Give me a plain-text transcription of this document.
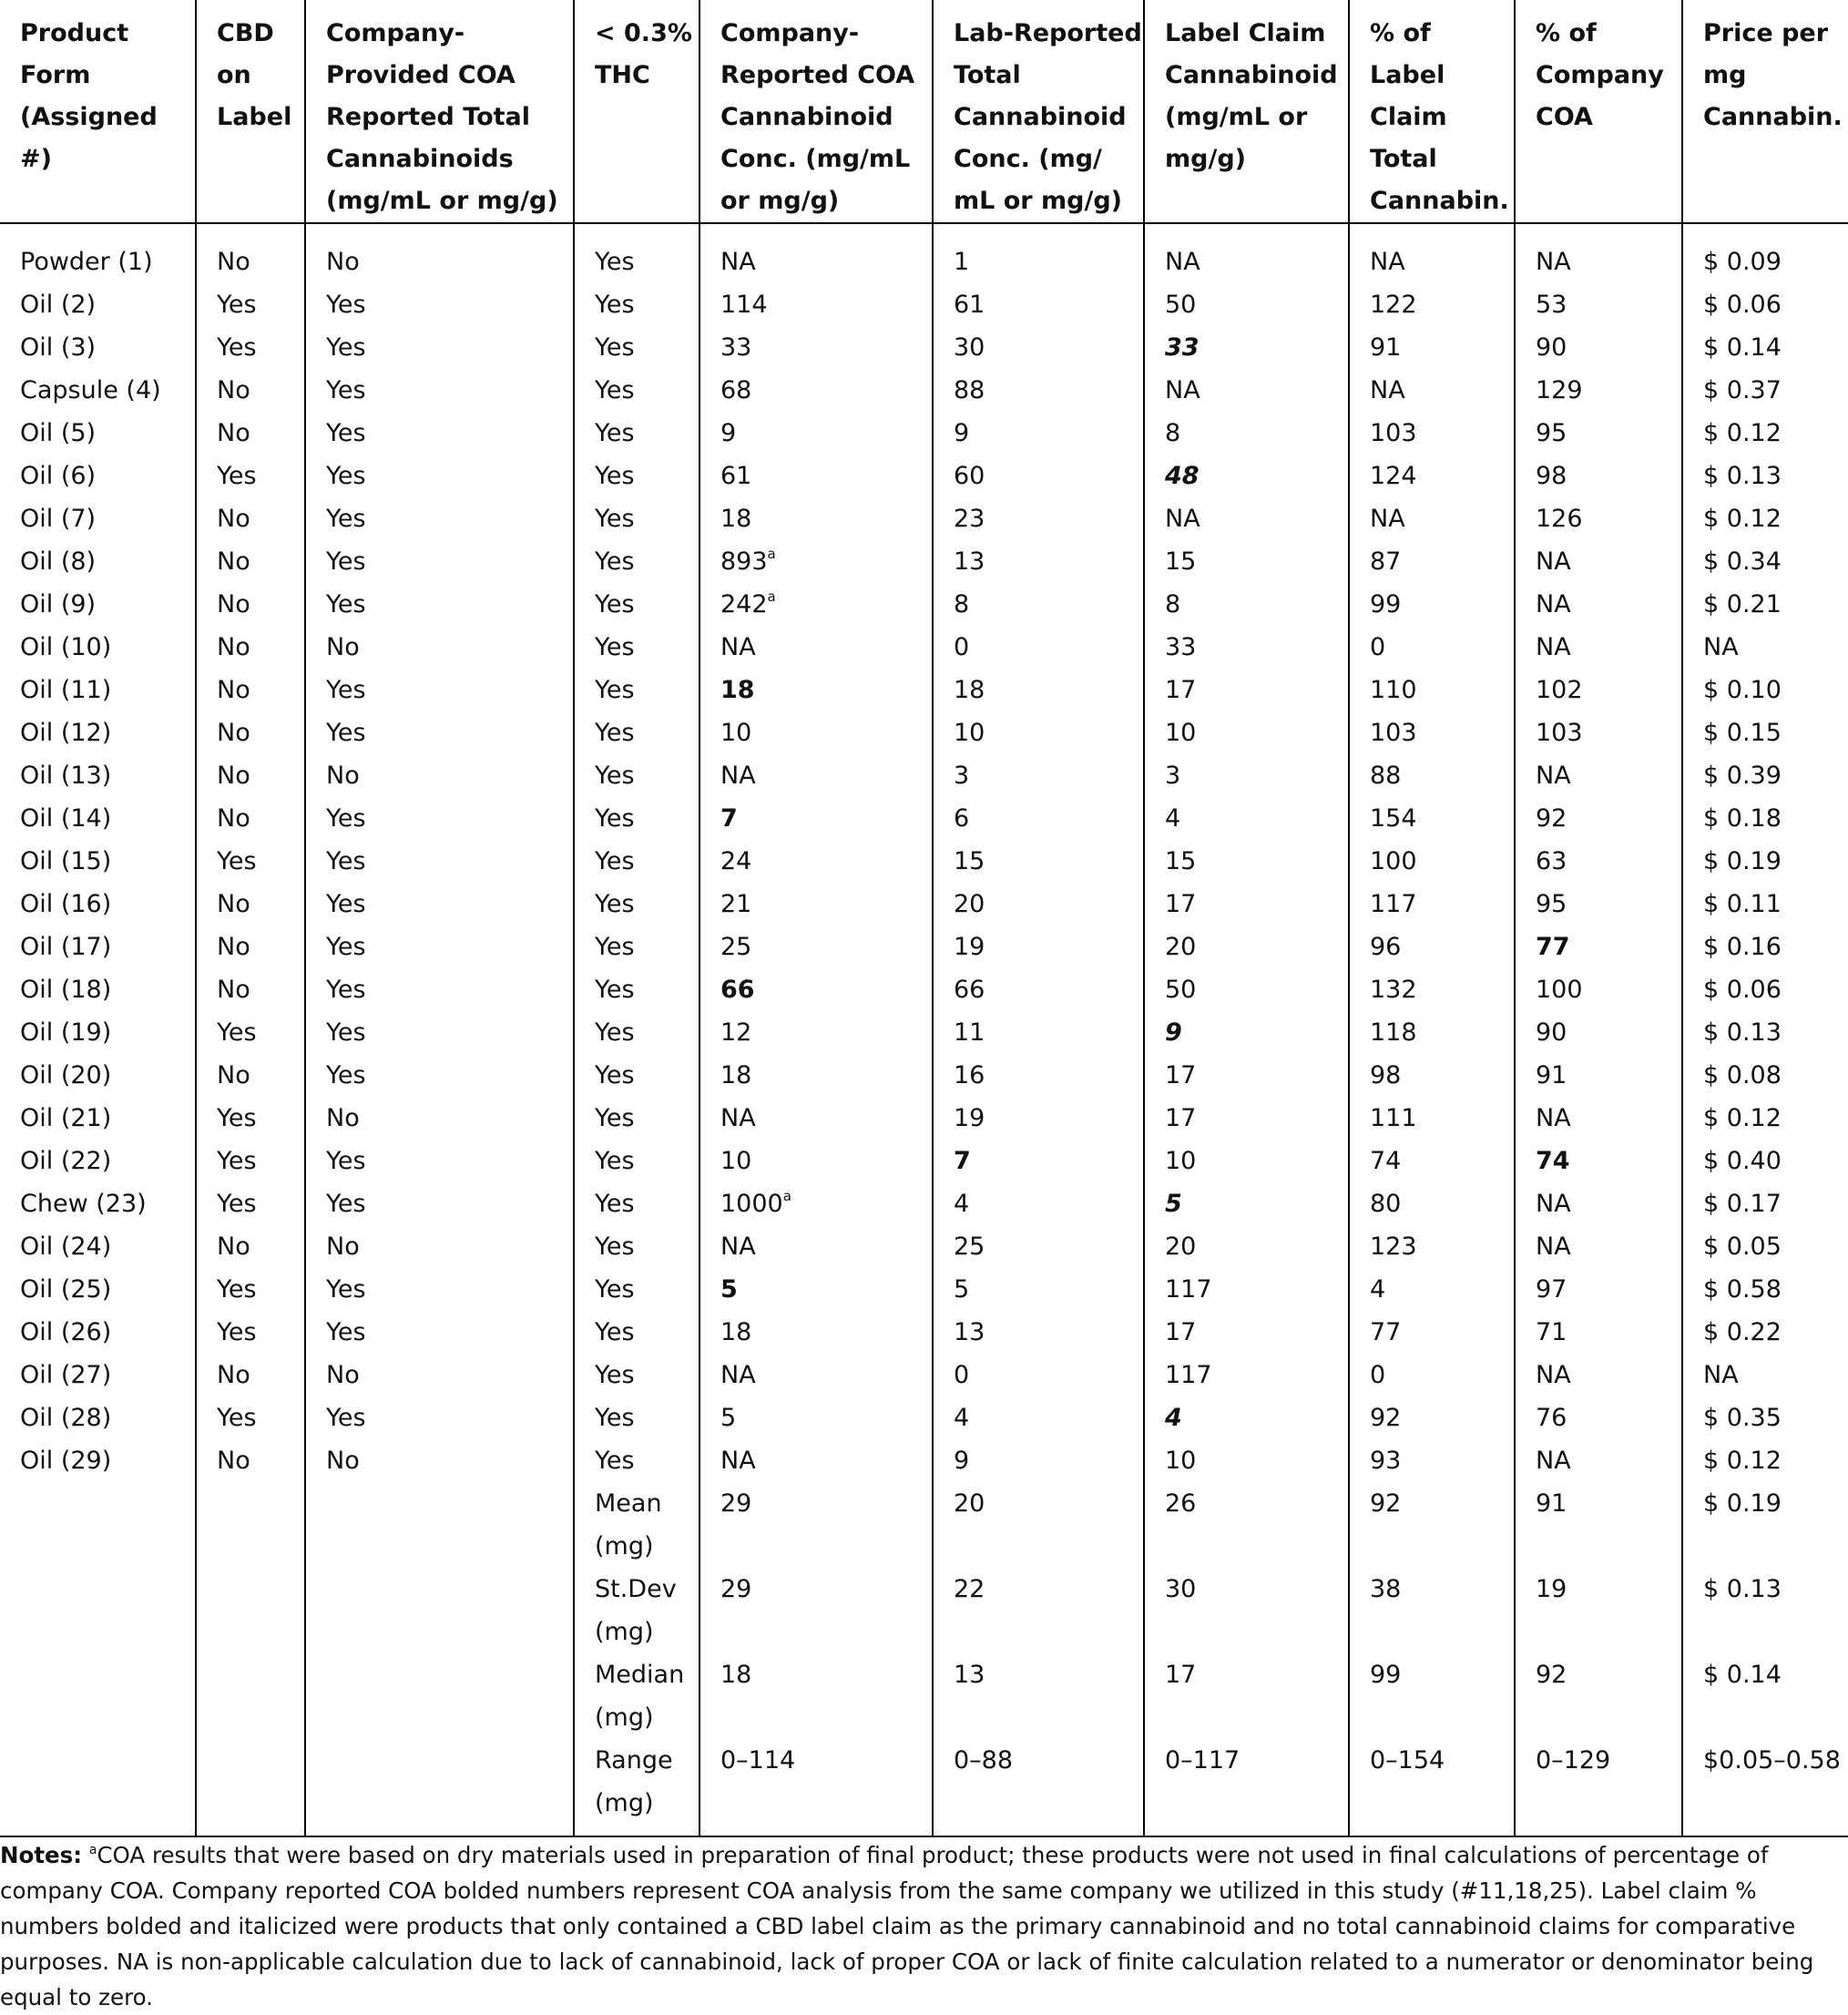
Product Form (Assigned #)	CBD on Label	Company-Provided COA Reported Total Cannabinoids (mg/mL or mg/g)	< 0.3% THC	Company-Reported COA Cannabinoid Conc. (mg/mL or mg/g)	Lab-Reported Total Cannabinoid Conc. (mg/ mL or mg/g)	Label Claim Cannabinoid (mg/mL or mg/g)	% of Label Claim Total Cannabin.	% of Company COA	Price per mg Cannabin.
Powder (1)	No	No	Yes	NA	1	NA	NA	NA	$ 0.09
Oil (2)	Yes	Yes	Yes	114	61	50	122	53	$ 0.06
Oil (3)	Yes	Yes	Yes	33	30	33	91	90	$ 0.14
Capsule (4)	No	Yes	Yes	68	88	NA	NA	129	$ 0.37
Oil (5)	No	Yes	Yes	9	9	8	103	95	$ 0.12
Oil (6)	Yes	Yes	Yes	61	60	48	124	98	$ 0.13
Oil (7)	No	Yes	Yes	18	23	NA	NA	126	$ 0.12
Oil (8)	No	Yes	Yes	893$^a$	13	15	87	NA	$ 0.34
Oil (9)	No	Yes	Yes	242$^a$	8	8	99	NA	$ 0.21
Oil (10)	No	No	Yes	NA	0	33	0	NA	NA
Oil (11)	No	Yes	Yes	18	18	17	110	102	$ 0.10
Oil (12)	No	Yes	Yes	10	10	10	103	103	$ 0.15
Oil (13)	No	No	Yes	NA	3	3	88	NA	$ 0.39
Oil (14)	No	Yes	Yes	7	6	4	154	92	$ 0.18
Oil (15)	Yes	Yes	Yes	24	15	15	100	63	$ 0.19
Oil (16)	No	Yes	Yes	21	20	17	117	95	$ 0.11
Oil (17)	No	Yes	Yes	25	19	20	96	77	$ 0.16
Oil (18)	No	Yes	Yes	66	66	50	132	100	$ 0.06
Oil (19)	Yes	Yes	Yes	12	11	9	118	90	$ 0.13
Oil (20)	No	Yes	Yes	18	16	17	98	91	$ 0.08
Oil (21)	Yes	No	Yes	NA	19	17	111	NA	$ 0.12
Oil (22)	Yes	Yes	Yes	10	7	10	74	74	$ 0.40
Chew (23)	Yes	Yes	Yes	1000$^a$	4	5	80	NA	$ 0.17
Oil (24)	No	No	Yes	NA	25	20	123	NA	$ 0.05
Oil (25)	Yes	Yes	Yes	5	5	117	4	97	$ 0.58
Oil (26)	Yes	Yes	Yes	18	13	17	77	71	$ 0.22
Oil (27)	No	No	Yes	NA	0	117	0	NA	NA
Oil (28)	Yes	Yes	Yes	5	4	4	92	76	$ 0.35
Oil (29)	No	No	Yes	NA	9	10	93	NA	$ 0.12
			Mean (mg)	29	20	26	92	91	$ 0.19
			St.Dev (mg)	29	22	30	38	19	$ 0.13
			Median (mg)	18	13	17	99	92	$ 0.14
			Range (mg)	0–114	0–88	0–117	0–154	0–129	$0.05–0.58

Notes: $^a$COA results that were based on dry materials used in preparation of final product; these products were not used in final calculations of percentage of company COA. Company reported COA bolded numbers represent COA analysis from the same company we utilized in this study (#11,18,25). Label claim % numbers bolded and italicized were products that only contained a CBD label claim as the primary cannabinoid and no total cannabinoid claims for comparative purposes. NA is non-applicable calculation due to lack of cannabinoid, lack of proper COA or lack of finite calculation related to a numerator or denominator being equal to zero.
